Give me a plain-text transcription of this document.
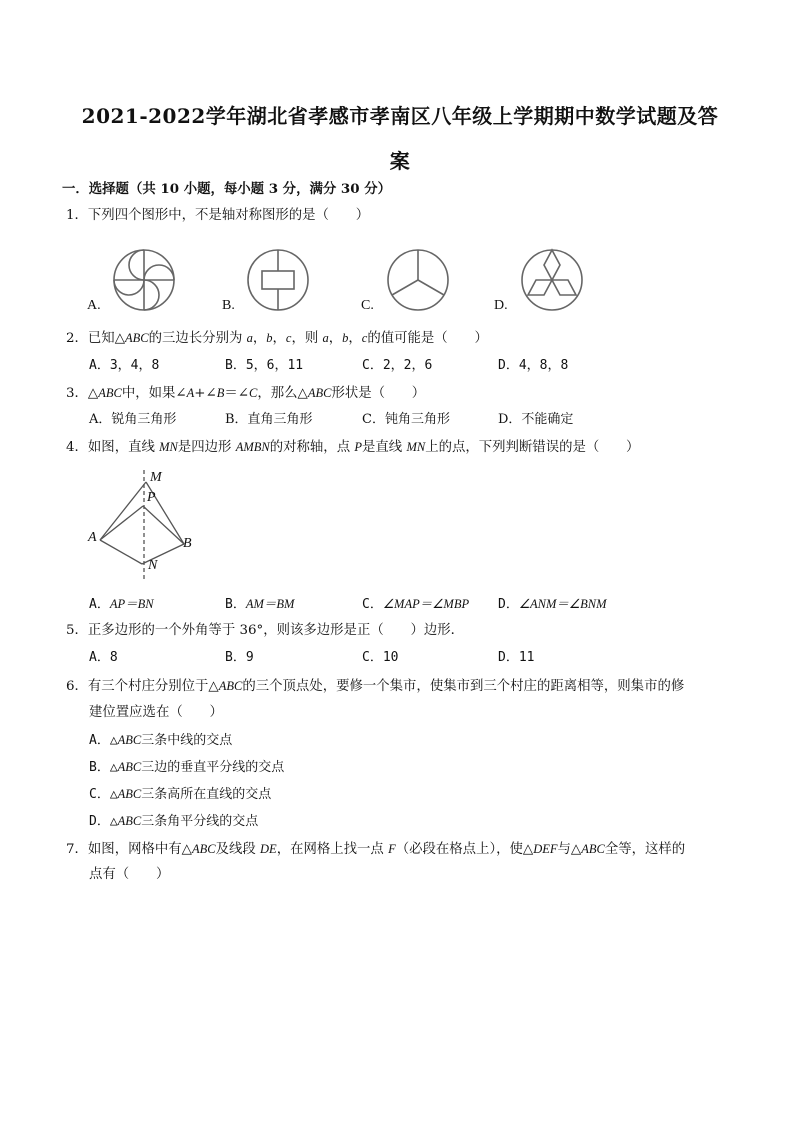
2021-2022学年湖北省孝感市孝南区八年级上学期期中数学试题及答
案
一．选择题（共 10 小题，每小题 3 分，满分 30 分）
1．下列四个图形中，不是轴对称图形的是（　　）
A.	B.	C.	D.
2．已知△ABC的三边长分别为 a，b，c，则 a，b，c的值可能是（　　）
A．3，4，8	B．5，6，11	C．2，2，6	D．4，8，8
3．△ABC中，如果∠A+∠B＝∠C，那么△ABC形状是（　　）
A．锐角三角形	B．直角三角形	C．钝角三角形	D．不能确定
4．如图，直线 MN是四边形 AMBN的对称轴，点 P是直线 MN上的点，下列判断错误的是（　　）
M
P
A	B
N
A．AP＝BN	B．AM＝BM	C．∠MAP＝∠MBP D．∠ANM＝∠BNM
5．正多边形的一个外角等于 36°，则该多边形是正（　　）边形．
A．8	B．9	C．10	D．11
6．有三个村庄分别位于△ABC的三个顶点处，要修一个集市，使集市到三个村庄的距离相等，则集市的修
建位置应选在（　　）
A．△ABC三条中线的交点
B．△ABC三边的垂直平分线的交点
C．△ABC三条高所在直线的交点
D．△ABC三条角平分线的交点
7．如图，网格中有△ABC及线段 DE，在网格上找一点 F（必段在格点上），使△DEF与△ABC全等，这样的
点有（　　）
